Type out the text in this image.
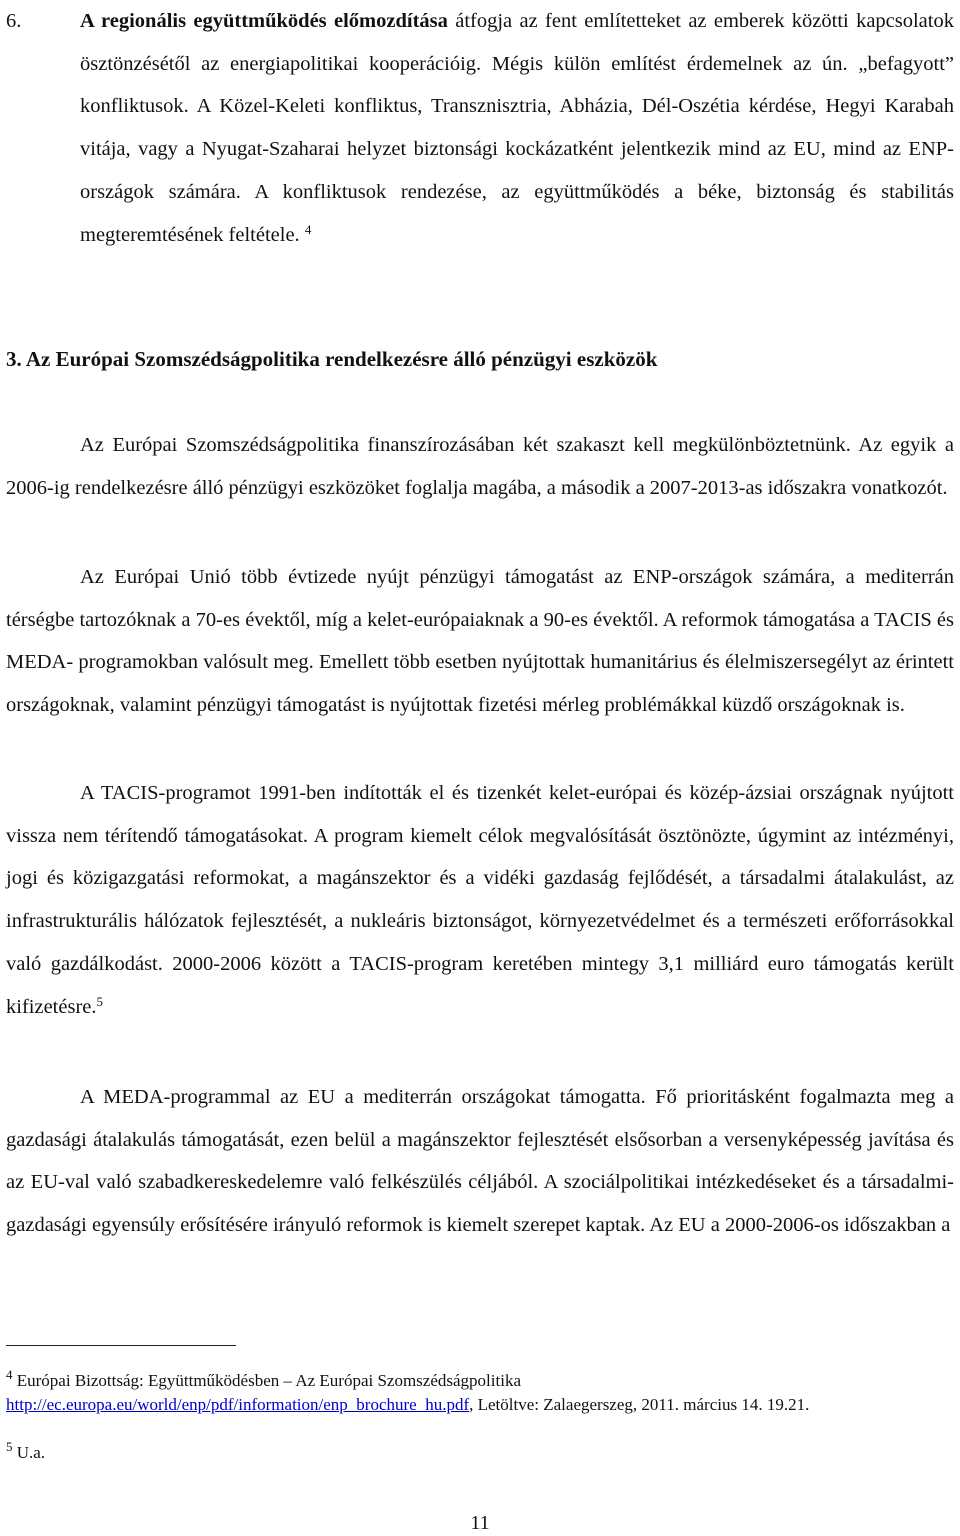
6.	A regionális együttműködés előmozdítása átfogja az fent említetteket az emberek közötti kapcsolatok ösztönzésétől az energiapolitikai kooperációig. Mégis külön említést érdemelnek az ún. „befagyott” konfliktusok. A Közel-Keleti konfliktus, Transznisztria, Abházia, Dél-Oszétia kérdése, Hegyi Karabah vitája, vagy a Nyugat-Szaharai helyzet biztonsági kockázatként jelentkezik mind az EU, mind az ENP-országok számára. A konfliktusok rendezése, az együttműködés a béke, biztonság és stabilitás megteremtésének feltétele. $^4$

3. Az Európai Szomszédságpolitika rendelkezésre álló pénzügyi eszközök

Az Európai Szomszédságpolitika finanszírozásában két szakaszt kell megkülönböztetnünk. Az egyik a 2006-ig rendelkezésre álló pénzügyi eszközöket foglalja magába, a második a 2007-2013-as időszakra vonatkozót.

Az Európai Unió több évtizede nyújt pénzügyi támogatást az ENP-országok számára, a mediterrán térségbe tartozóknak a 70-es évektől, míg a kelet-európaiaknak a 90-es évektől. A reformok támogatása a TACIS és MEDA- programokban valósult meg. Emellett több esetben nyújtottak humanitárius és élelmiszersegélyt az érintett országoknak, valamint pénzügyi támogatást is nyújtottak fizetési mérleg problémákkal küzdő országoknak is.

A TACIS-programot 1991-ben indították el és tizenkét kelet-európai és közép-ázsiai országnak nyújtott vissza nem térítendő támogatásokat. A program kiemelt célok megvalósítását ösztönözte, úgymint az intézményi, jogi és közigazgatási reformokat, a magánszektor és a vidéki gazdaság fejlődését, a társadalmi átalakulást, az infrastrukturális hálózatok fejlesztését, a nukleáris biztonságot, környezetvédelmet és a természeti erőforrásokkal való gazdálkodást. 2000-2006 között a TACIS-program keretében mintegy 3,1 milliárd euro támogatás került kifizetésre.$^5$

A MEDA-programmal az EU a mediterrán országokat támogatta. Fő prioritásként fogalmazta meg a gazdasági átalakulás támogatását, ezen belül a magánszektor fejlesztését elsősorban a versenyképesség javítása és az EU-val való szabadkereskedelemre való felkészülés céljából. A szociálpolitikai intézkedéseket és a társadalmi-gazdasági egyensúly erősítésére irányuló reformok is kiemelt szerepet kaptak. Az EU a 2000-2006-os időszakban a

$^4$ Európai Bizottság: Együttműködésben – Az Európai Szomszédságpolitika
http://ec.europa.eu/world/enp/pdf/information/enp_brochure_hu.pdf, Letöltve: Zalaegerszeg, 2011. március 14. 19.21.

$^5$ U.a.

11
